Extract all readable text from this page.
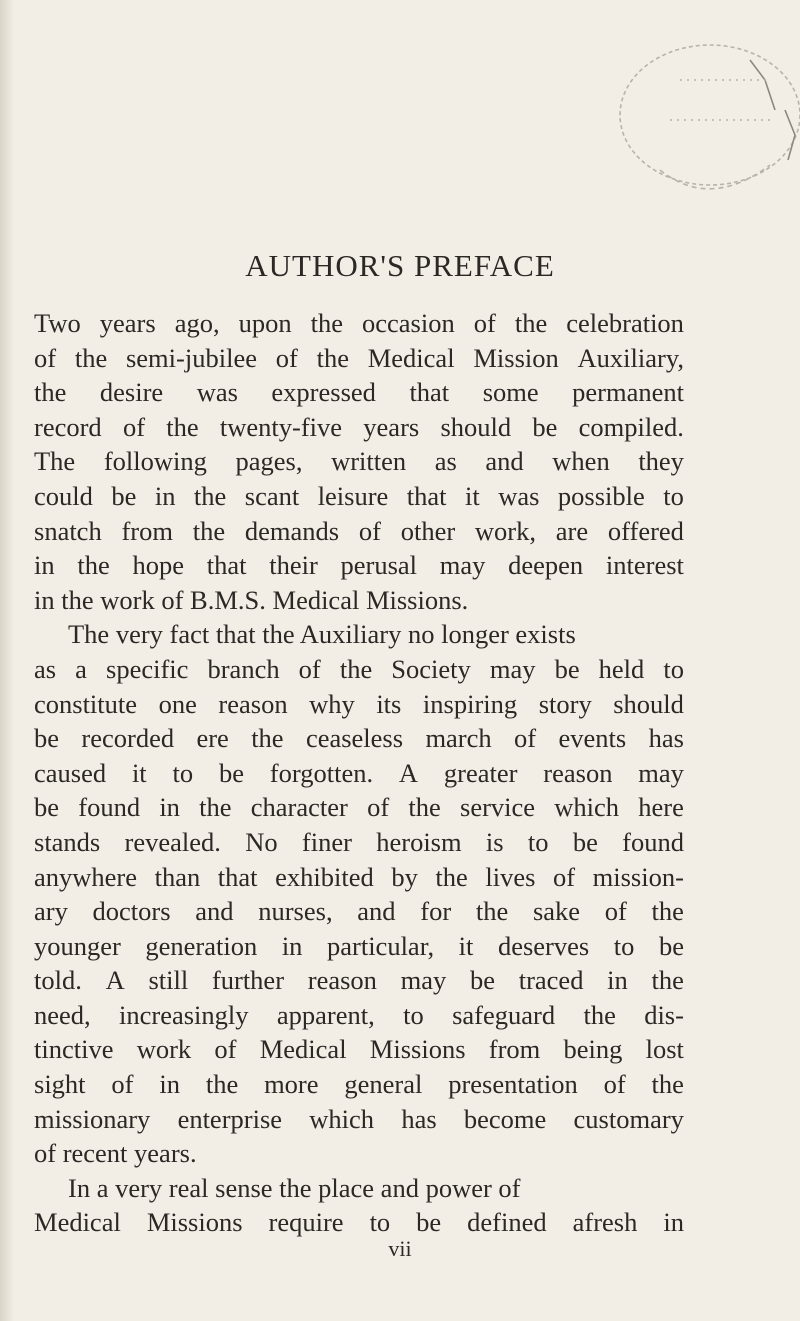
AUTHOR'S PREFACE
Two years ago, upon the occasion of the celebration
of the semi-jubilee of the Medical Mission Auxiliary,
the desire was expressed that some permanent
record of the twenty-five years should be compiled.
The following pages, written as and when they
could be in the scant leisure that it was possible to
snatch from the demands of other work, are offered
in the hope that their perusal may deepen interest
in the work of B.M.S. Medical Missions.
The very fact that the Auxiliary no longer exists
as a specific branch of the Society may be held to
constitute one reason why its inspiring story should
be recorded ere the ceaseless march of events has
caused it to be forgotten. A greater reason may
be found in the character of the service which here
stands revealed. No finer heroism is to be found
anywhere than that exhibited by the lives of mission-
ary doctors and nurses, and for the sake of the
younger generation in particular, it deserves to be
told. A still further reason may be traced in the
need, increasingly apparent, to safeguard the dis-
tinctive work of Medical Missions from being lost
sight of in the more general presentation of the
missionary enterprise which has become customary
of recent years.
In a very real sense the place and power of
Medical Missions require to be defined afresh in
vii
